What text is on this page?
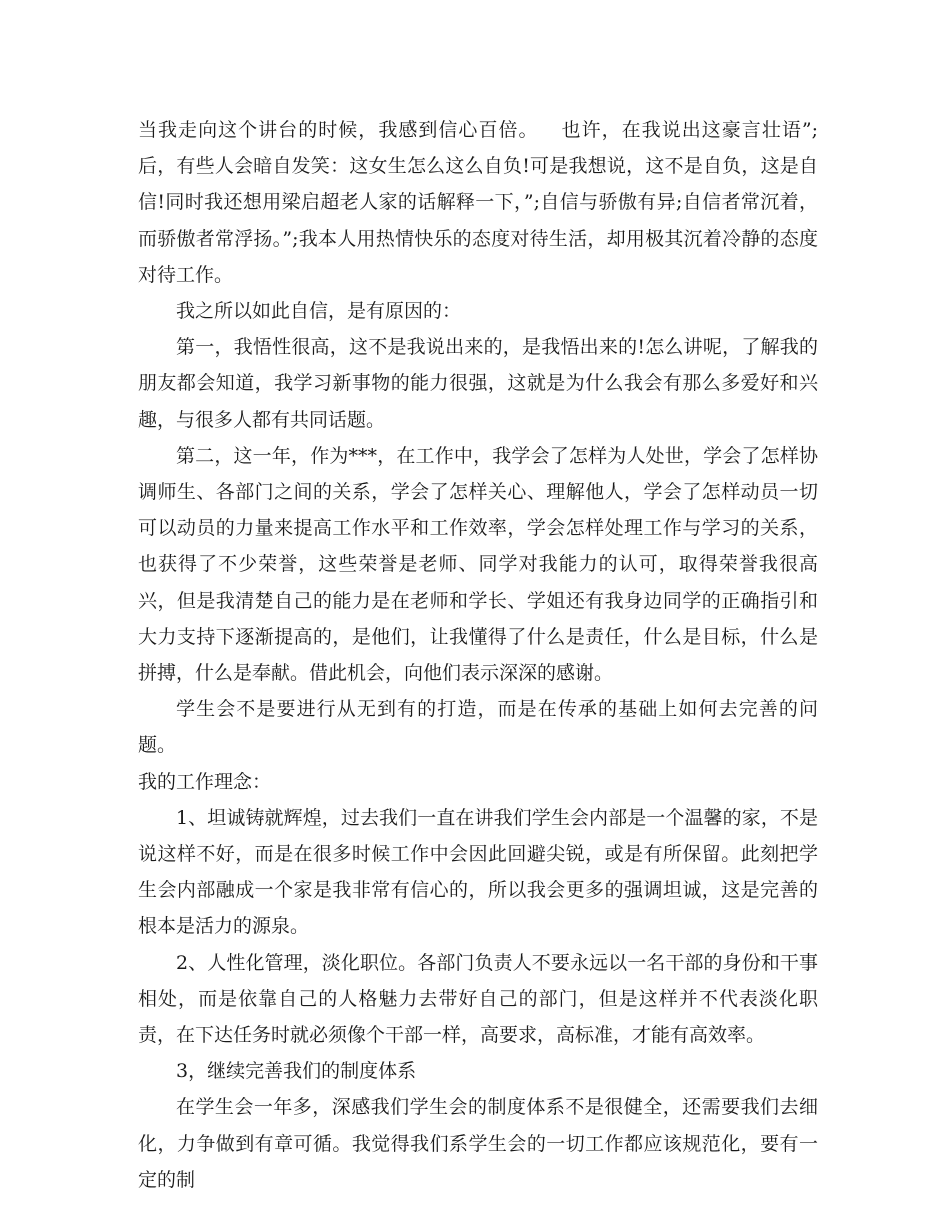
当我走向这个讲台的时候，我感到信心百倍。 也许，在我说出这豪言壮语”;后，有些人会暗自发笑：这女生怎么这么自负!可是我想说，这不是自负，这是自信!同时我还想用梁启超老人家的话解释一下，”;自信与骄傲有异;自信者常沉着，而骄傲者常浮扬。”;我本人用热情快乐的态度对待生活，却用极其沉着冷静的态度对待工作。

我之所以如此自信，是有原因的：

第一，我悟性很高，这不是我说出来的，是我悟出来的!怎么讲呢，了解我的朋友都会知道，我学习新事物的能力很强，这就是为什么我会有那么多爱好和兴趣，与很多人都有共同话题。

第二，这一年，作为***，在工作中，我学会了怎样为人处世，学会了怎样协调师生、各部门之间的关系，学会了怎样关心、理解他人，学会了怎样动员一切可以动员的力量来提高工作水平和工作效率，学会怎样处理工作与学习的关系，也获得了不少荣誉，这些荣誉是老师、同学对我能力的认可，取得荣誉我很高兴，但是我清楚自己的能力是在老师和学长、学姐还有我身边同学的正确指引和大力支持下逐渐提高的，是他们，让我懂得了什么是责任，什么是目标，什么是拼搏，什么是奉献。借此机会，向他们表示深深的感谢。

学生会不是要进行从无到有的打造，而是在传承的基础上如何去完善的问题。

我的工作理念：

1、坦诚铸就辉煌，过去我们一直在讲我们学生会内部是一个温馨的家，不是说这样不好，而是在很多时候工作中会因此回避尖锐，或是有所保留。此刻把学生会内部融成一个家是我非常有信心的，所以我会更多的强调坦诚，这是完善的根本是活力的源泉。

2、人性化管理，淡化职位。各部门负责人不要永远以一名干部的身份和干事相处，而是依靠自己的人格魅力去带好自己的部门，但是这样并不代表淡化职责，在下达任务时就必须像个干部一样，高要求，高标准，才能有高效率。

3，继续完善我们的制度体系

在学生会一年多，深感我们学生会的制度体系不是很健全，还需要我们去细化，力争做到有章可循。我觉得我们系学生会的一切工作都应该规范化，要有一定的制
